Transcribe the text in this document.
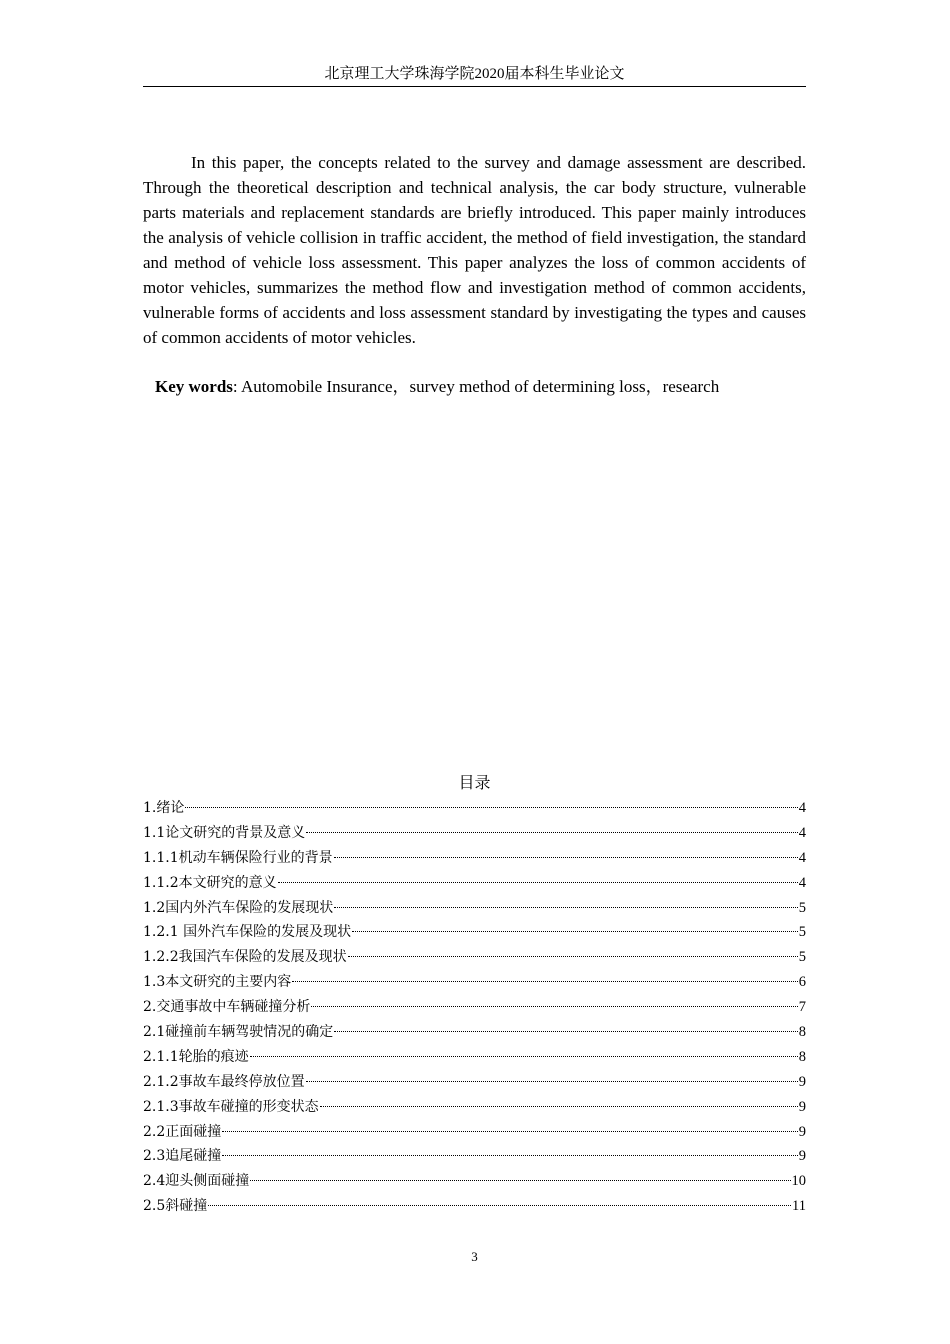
北京理工大学珠海学院2020届本科生毕业论文

In this paper, the concepts related to the survey and damage assessment are described. Through the theoretical description and technical analysis, the car body structure, vulnerable parts materials and replacement standards are briefly introduced. This paper mainly introduces the analysis of vehicle collision in traffic accident, the method of field investigation, the standard and method of vehicle loss assessment. This paper analyzes the loss of common accidents of motor vehicles, summarizes the method flow and investigation method of common accidents, vulnerable forms of accidents and loss assessment standard by investigating the types and causes of common accidents of motor vehicles.

Key words: Automobile Insurance，survey method of determining loss，research
目录
1.绪论	4
1.1论文研究的背景及意义	4
1.1.1机动车辆保险行业的背景	4
1.1.2本文研究的意义	4
1.2国内外汽车保险的发展现状	5
1.2.1 国外汽车保险的发展及现状	5
1.2.2我国汽车保险的发展及现状	5
1.3本文研究的主要内容	6
2.交通事故中车辆碰撞分析	7
2.1碰撞前车辆驾驶情况的确定	8
2.1.1轮胎的痕迹	8
2.1.2事故车最终停放位置	9
2.1.3事故车碰撞的形变状态	9
2.2正面碰撞	9
2.3追尾碰撞	9
2.4迎头侧面碰撞	10
2.5斜碰撞	11
3
